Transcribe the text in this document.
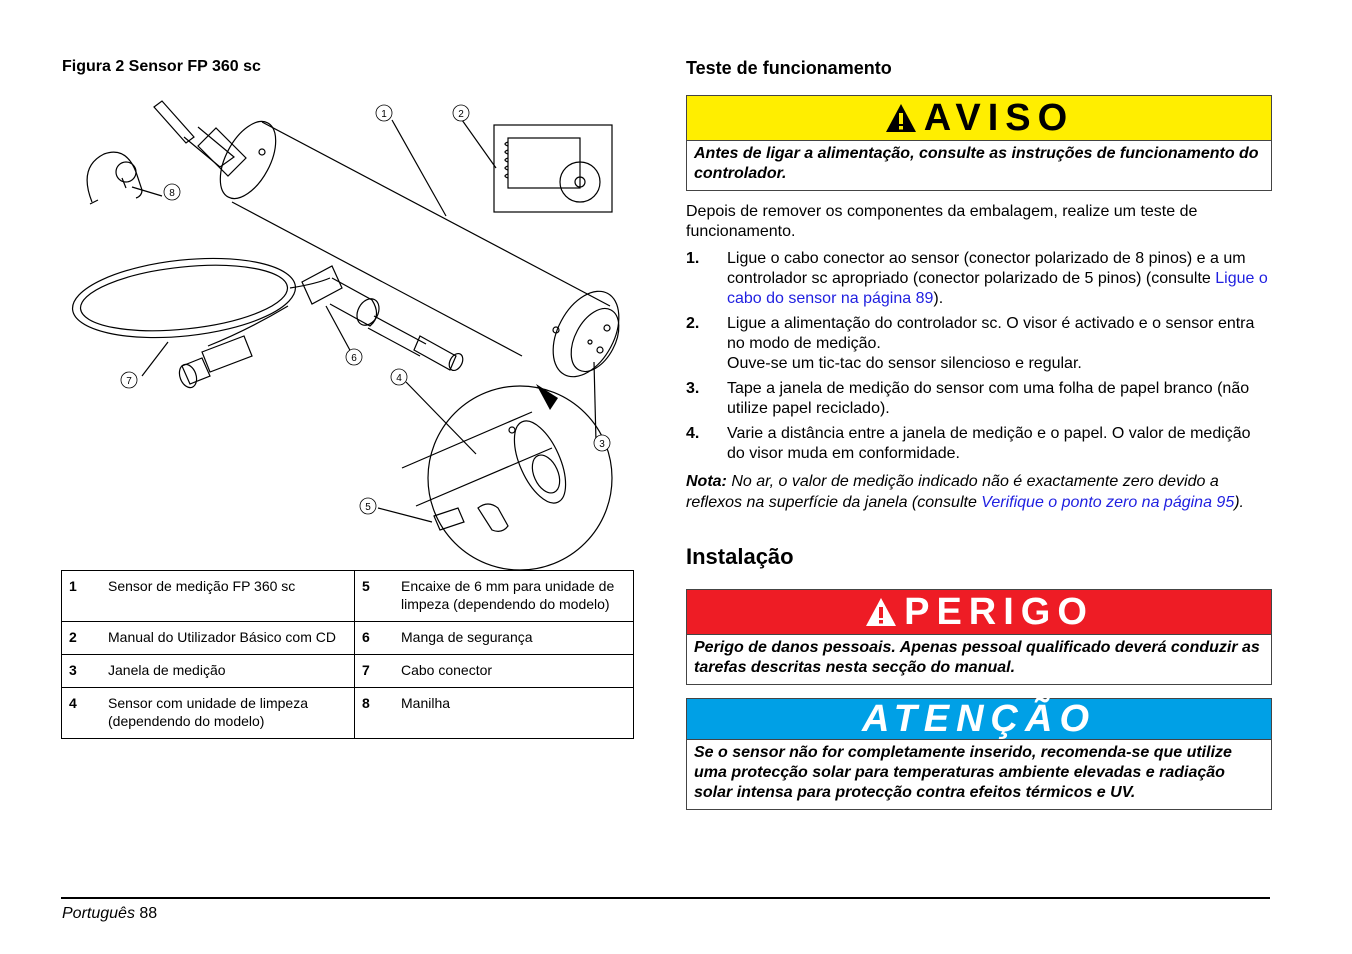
Figura 2 Sensor FP 360 sc
1	2
3
4
5
6
7
8
1	Sensor de medição FP 360 sc	5	Encaixe de 6 mm para unidade de limpeza (dependendo do modelo)
2	Manual do Utilizador Básico com CD	6	Manga de segurança
3	Janela de medição	7	Cabo conector
4	Sensor com unidade de limpeza (dependendo do modelo)	8	Manilha
Teste de funcionamento
AVISO
Antes de ligar a alimentação, consulte as instruções de funcionamento do controlador.
Depois de remover os componentes da embalagem, realize um teste de funcionamento.
1. Ligue o cabo conector ao sensor (conector polarizado de 8 pinos) e a um controlador sc apropriado (conector polarizado de 5 pinos) (consulte Ligue o cabo do sensor na página 89).
2. Ligue a alimentação do controlador sc. O visor é activado e o sensor entra no modo de medição.
Ouve-se um tic-tac do sensor silencioso e regular.
3. Tape a janela de medição do sensor com uma folha de papel branco (não utilize papel reciclado).
4. Varie a distância entre a janela de medição e o papel. O valor de medição do visor muda em conformidade.
Nota: No ar, o valor de medição indicado não é exactamente zero devido a reflexos na superfície da janela (consulte Verifique o ponto zero na página 95).
Instalação
PERIGO
Perigo de danos pessoais. Apenas pessoal qualificado deverá conduzir as tarefas descritas nesta secção do manual.
ATENÇÃO
Se o sensor não for completamente inserido, recomenda-se que utilize uma protecção solar para temperaturas ambiente elevadas e radiação solar intensa para protecção contra efeitos térmicos e UV.
Português 88
